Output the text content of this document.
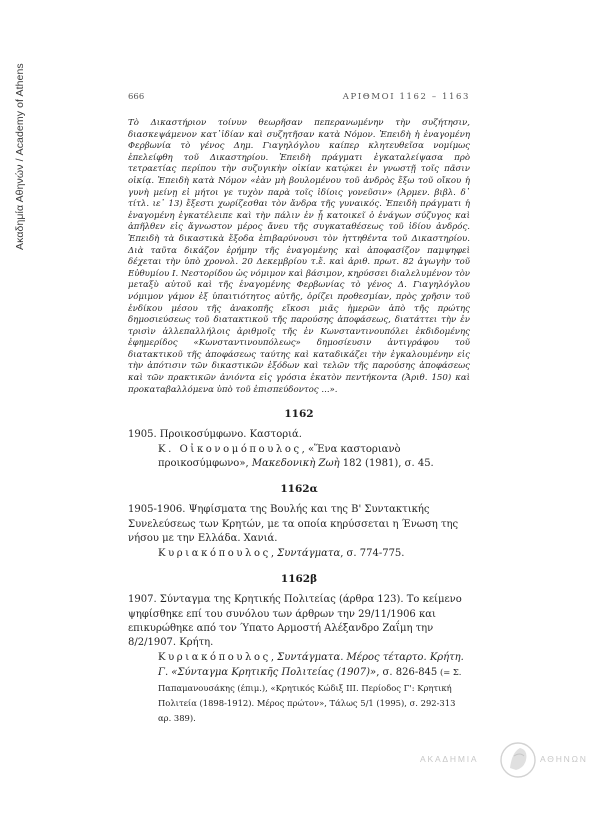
Ακαδημία Αθηνών / Academy of Athens	666	ΑΡΙΘΜΟΙ 1162 – 1163
Τὸ Δικαστήριον τοίνυν θεωρῆσαν πεπερανωμένην τὴν συζήτησιν, διασκεψάμενον κατ᾽ἰδίαν καὶ συζητῆσαν κατὰ Νόμον. Ἐπειδὴ ἡ ἐναγομένη Φερβωνία τὸ γένος Δημ. Γιαγηλόγλου καίπερ κλητευθεῖσα νομίμως ἐπελείφθη τοῦ Δικαστηρίου. Ἐπειδὴ πράγματι ἐγκαταλείψασα πρὸ τετραετίας περίπου τὴν συζυγικὴν οἰκίαν κατῴκει ἐν γνωστῇ τοῖς πᾶσιν οἰκίᾳ. Ἐπειδὴ κατὰ Νόμον «ἐὰν μὴ βουλομένου τοῦ ἀνδρὸς ἔξω τοῦ οἴκου ἡ γυνὴ μείνῃ εἰ μήτοι γε τυχὸν παρὰ τοῖς ἰδίοις γονεῦσιν» (Ἀρμεν. βιβλ. δ᾽ τίτλ. ιε᾽ 13) ἔξεστι χωρίζεσθαι τὸν ἄνδρα τῆς γυναικός. Ἐπειδὴ πράγματι ἡ ἐναγομένη ἐγκατέλειπε καὶ τὴν πάλιν ἐν ᾗ κατοικεῖ ὁ ἐνάγων σύζυγος καὶ ἀπῆλθεν εἰς ἄγνωστον μέρος ἄνευ τῆς συγκαταθέσεως τοῦ ἰδίου ἀνδρός. Ἐπειδὴ τὰ δικαστικὰ ἔξοδα ἐπιβαρύνουσι τὸν ἡττηθέντα τοῦ Δικαστηρίου. Διὰ ταῦτα δικάζον ἐρήμην τῆς ἐναγομένης καὶ ἀποφασίζον παμψηφεὶ δέχεται τὴν ὑπὸ χρονολ. 20 Δεκεμβρίου τ.ἔ. καὶ ἀριθ. πρωτ. 82 ἀγωγὴν τοῦ Εὐθυμίου Ι. Νεστορίδου ὡς νόμιμον καὶ βάσιμον, κηρύσσει διαλελυμένον τὸν μεταξὺ αὐτοῦ καὶ τῆς ἐναγομένης Φερβωνίας τὸ γένος Δ. Γιαγηλόγλου νόμιμον γάμον ἐξ ὑπαιτιότητος αὐτῆς, ὁρίζει προθεσμίαν, πρὸς χρῆσιν τοῦ ἐνδίκου μέσου τῆς ἀνακοπῆς εἴκοσι μιᾶς ἡμερῶν ἀπὸ τῆς πρώτης δημοσιεύσεως τοῦ διατακτικοῦ τῆς παρούσης ἀποφάσεως, διατάττει τὴν ἐν τρισὶν ἀλλεπαλλήλοις ἀριθμοῖς τῆς ἐν Κωνσταντινουπόλει ἐκδιδομένης ἐφημερίδος «Κωνσταντινουπόλεως» δημοσίευσιν ἀντιγράφου τοῦ διατακτικοῦ τῆς ἀποφάσεως ταύτης καὶ καταδικάζει τὴν ἐγκαλουμένην εἰς τὴν ἀπότισιν τῶν δικαστικῶν ἐξόδων καὶ τελῶν τῆς παρούσης ἀποφάσεως καὶ τῶν πρακτικῶν ἀνιόντα εἰς γρόσια ἑκατὸν πεντήκοντα (Ἀριθ. 150) καὶ προκαταβαλλόμενα ὑπὸ τοῦ ἐπισπεύδοντος ...».
1162
1905. Προικοσύμφωνο. Καστοριά.
Κ. Οἰκονομόπουλος, «Ἕνα καστοριανὸ προικοσύμφωνο», Μακεδονικὴ Ζωὴ 182 (1981), σ. 45.
1162α
1905-1906. Ψηφίσματα της Βουλής και της Β' Συντακτικής Συνελεύσεως των Κρητών, με τα οποία κηρύσσεται η Ένωση της νήσου με την Ελλάδα. Χανιά.
Κυριακόπουλος, Συντάγματα, σ. 774-775.
1162β
1907. Σύνταγμα της Κρητικής Πολιτείας (άρθρα 123). Το κείμενο ψηφίσθηκε επί του συνόλου των άρθρων την 29/11/1906 και επικυρώθηκε από τον Ύπατο Αρμοστή Αλέξανδρο Ζαΐμη την 8/2/1907. Κρήτη.
Κυριακόπουλος, Συντάγματα. Μέρος τέταρτο. Κρήτη. Γ. «Σύνταγμα Κρητικῆς Πολιτείας (1907)», σ. 826-845 (= Σ. Παπαμανουσάκης (έπιμ.), «Κρητικός Κώδιξ ΙΙΙ. Περίοδος Γ': Κρητική Πολιτεία (1898-1912). Μέρος πρώτον», Τάλως 5/1 (1995), σ. 292-313 αρ. 389).
ΑΚΑΔΗΜΙΑ	ΑΘΗΝΩΝ
